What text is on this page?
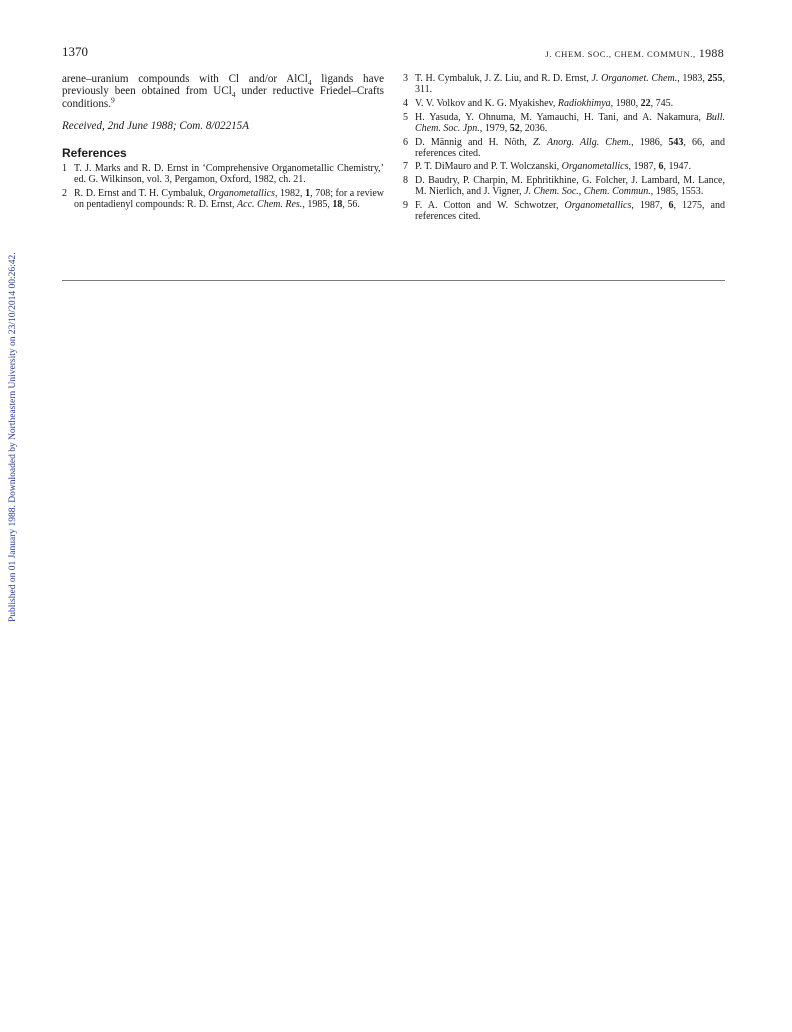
Published on 01 January 1988. Downloaded by Northeastern University on 23/10/2014 00:26:42.
1370	J. CHEM. SOC., CHEM. COMMUN., 1988

arene–uranium compounds with Cl and/or AlCl$_4$ ligands have previously been obtained from UCl$_4$ under reductive Friedel–Crafts conditions.$^9$

Received, 2nd June 1988; Com. 8/02215A

References
1 T. J. Marks and R. D. Ernst in ‘Comprehensive Organometallic Chemistry,’ ed. G. Wilkinson, vol. 3, Pergamon, Oxford, 1982, ch. 21.
2 R. D. Ernst and T. H. Cymbaluk, Organometallics, 1982, 1, 708; for a review on pentadienyl compounds: R. D. Ernst, Acc. Chem. Res., 1985, 18, 56.
3 T. H. Cymbaluk, J. Z. Liu, and R. D. Ernst, J. Organomet. Chem., 1983, 255, 311.
4 V. V. Volkov and K. G. Myakishev, Radiokhimya, 1980, 22, 745.
5 H. Yasuda, Y. Ohnuma, M. Yamauchi, H. Tani, and A. Nakamura, Bull. Chem. Soc. Jpn., 1979, 52, 2036.
6 D. Männig and H. Nöth, Z. Anorg. Allg. Chem., 1986, 543, 66, and references cited.
7 P. T. DiMauro and P. T. Wolczanski, Organometallics, 1987, 6, 1947.
8 D. Baudry, P. Charpin, M. Ephritikhine, G. Folcher, J. Lambard, M. Lance, M. Nierlich, and J. Vigner, J. Chem. Soc., Chem. Commun., 1985, 1553.
9 F. A. Cotton and W. Schwotzer, Organometallics, 1987, 6, 1275, and references cited.
